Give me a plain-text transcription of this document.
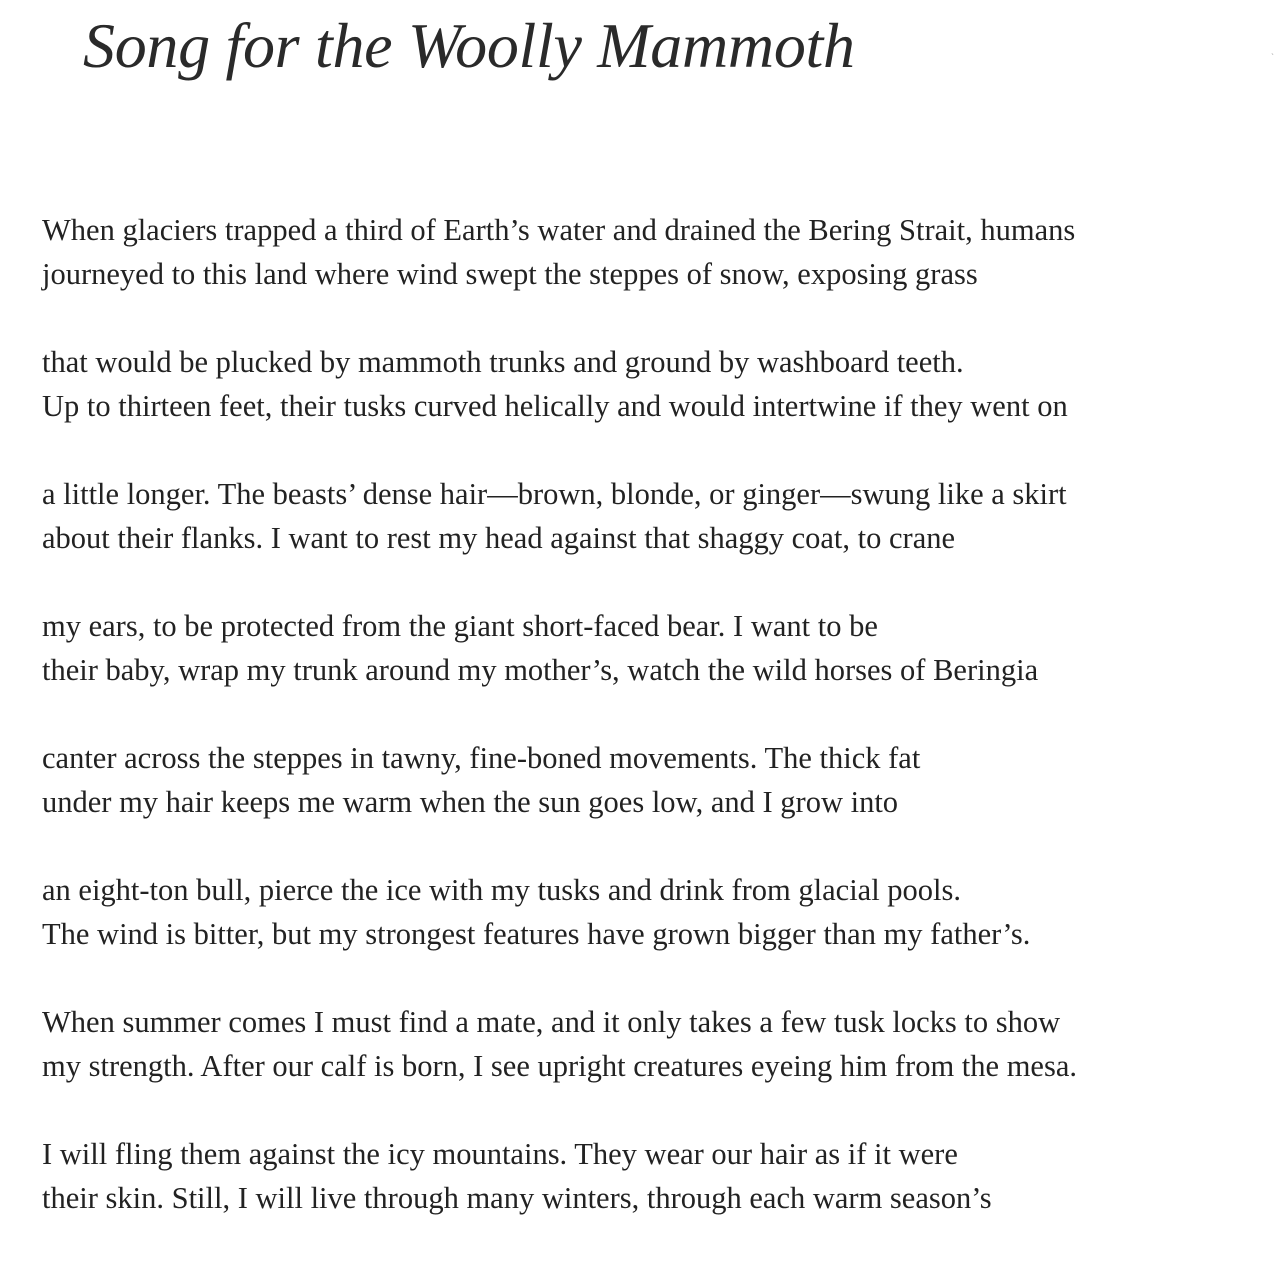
Song for the Woolly Mammoth	ˎ
When glaciers trapped a third of Earth’s water and drained the Bering Strait, humans
journeyed to this land where wind swept the steppes of snow, exposing grass
that would be plucked by mammoth trunks and ground by washboard teeth.
Up to thirteen feet, their tusks curved helically and would intertwine if they went on
a little longer. The beasts’ dense hair—brown, blonde, or ginger—swung like a skirt
about their flanks. I want to rest my head against that shaggy coat, to crane
my ears, to be protected from the giant short-faced bear. I want to be
their baby, wrap my trunk around my mother’s, watch the wild horses of Beringia
canter across the steppes in tawny, fine-boned movements. The thick fat
under my hair keeps me warm when the sun goes low, and I grow into
an eight-ton bull, pierce the ice with my tusks and drink from glacial pools.
The wind is bitter, but my strongest features have grown bigger than my father’s.
When summer comes I must find a mate, and it only takes a few tusk locks to show
my strength. After our calf is born, I see upright creatures eyeing him from the mesa.
I will fling them against the icy mountains. They wear our hair as if it were
their skin. Still, I will live through many winters, through each warm season’s
